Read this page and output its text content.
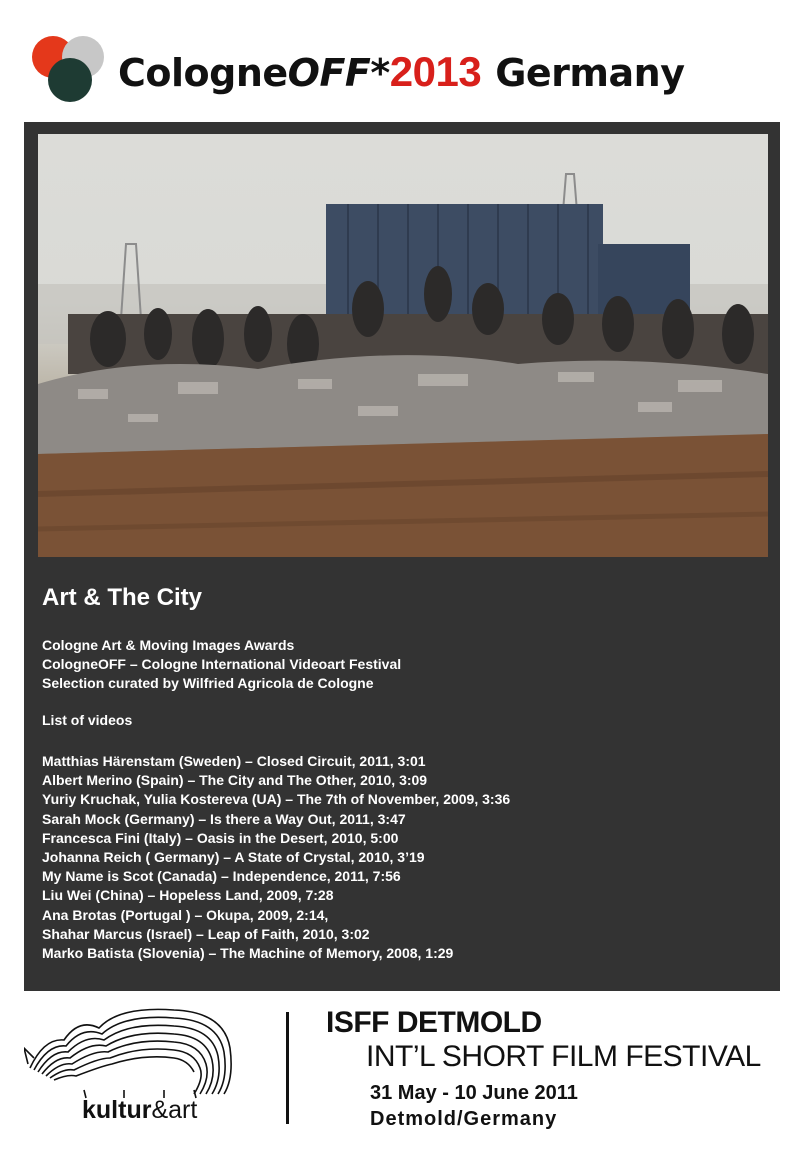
CologneOFF*2013 Germany
Art & The City
Cologne Art & Moving Images Awards
CologneOFF – Cologne International Videoart Festival
Selection curated by Wilfried Agricola de Cologne
List of videos
Matthias Härenstam (Sweden) – Closed Circuit, 2011, 3:01
Albert Merino (Spain) – The City and The Other, 2010, 3:09
Yuriy Kruchak, Yulia Kostereva (UA) – The 7th of November, 2009, 3:36
Sarah Mock (Germany) – Is there a Way Out, 2011, 3:47
Francesca Fini (Italy) – Oasis in the Desert, 2010, 5:00
Johanna Reich ( Germany) – A State of Crystal, 2010, 3’19
My Name is Scot (Canada) – Independence, 2011, 7:56
Liu Wei (China) – Hopeless Land, 2009, 7:28
Ana Brotas (Portugal ) – Okupa, 2009, 2:14,
Shahar Marcus (Israel) – Leap of Faith, 2010, 3:02
Marko Batista (Slovenia) – The Machine of Memory, 2008, 1:29
kultur&art
ISFF DETMOLD
INT’L SHORT FILM FESTIVAL
31 May - 10 June 2011
Detmold/Germany
